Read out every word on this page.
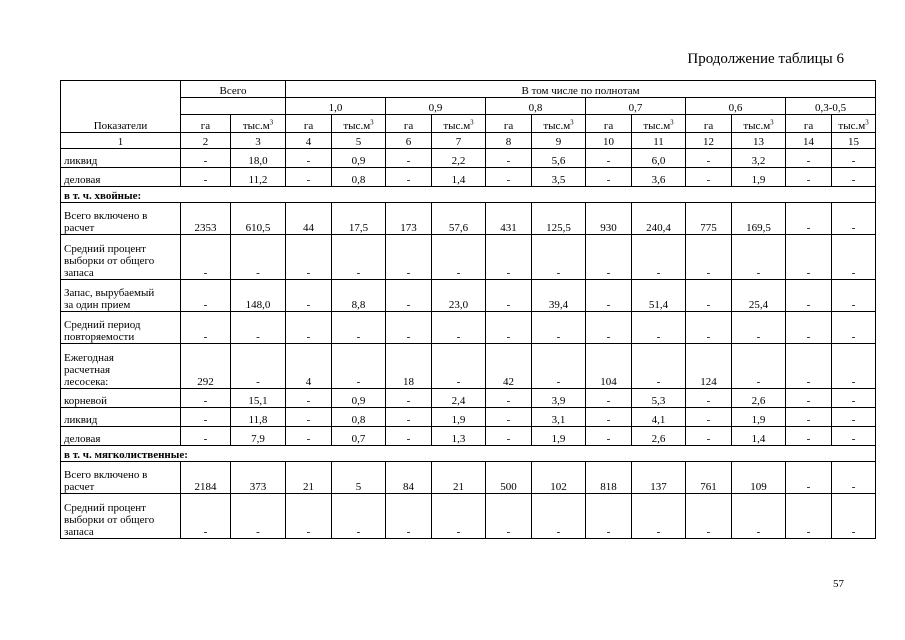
Продолжение таблицы 6
Показатели	Всего		В том числе по полнотам											
			1,0		0,9		0,8		0,7		0,6		0,3-0,5	
	га	$тыс.м^3$	га	$тыс.м^3$	га	$тыс.м^3$	га	$тыс.м^3$	га	$тыс.м^3$	га	$тыс.м^3$	га	$тыс.м^3$
1	2	3	4	5	6	7	8	9	10	11	12	13	14	15
ликвид	-	18,0	-	0,9	-	2,2	-	5,6	-	6,0	-	3,2	-	-
деловая	-	11,2	-	0,8	-	1,4	-	3,5	-	3,6	-	1,9	-	-
в т. ч. хвойные:														
Всего включено в
расчет	2353	610,5	44	17,5	173	57,6	431	125,5	930	240,4	775	169,5	-	-
Средний процент
выборки от общего
запаса	-	-	-	-	-	-	-	-	-	-	-	-	-	-
Запас, вырубаемый
за один прием	-	148,0	-	8,8	-	23,0	-	39,4	-	51,4	-	25,4	-	-
Средний период
повторяемости	-	-	-	-	-	-	-	-	-	-	-	-	-	-
Ежегодная
расчетная
лесосека:	292	-	4	-	18	-	42	-	104	-	124	-	-	-
корневой	-	15,1	-	0,9	-	2,4	-	3,9	-	5,3	-	2,6	-	-
ликвид	-	11,8	-	0,8	-	1,9	-	3,1	-	4,1	-	1,9	-	-
деловая	-	7,9	-	0,7	-	1,3	-	1,9	-	2,6	-	1,4	-	-
в т. ч. мягколиственные:														
Всего включено в
расчет	2184	373	21	5	84	21	500	102	818	137	761	109	-	-
Средний процент
выборки от общего
запаса	-	-	-	-	-	-	-	-	-	-	-	-	-	-
57
